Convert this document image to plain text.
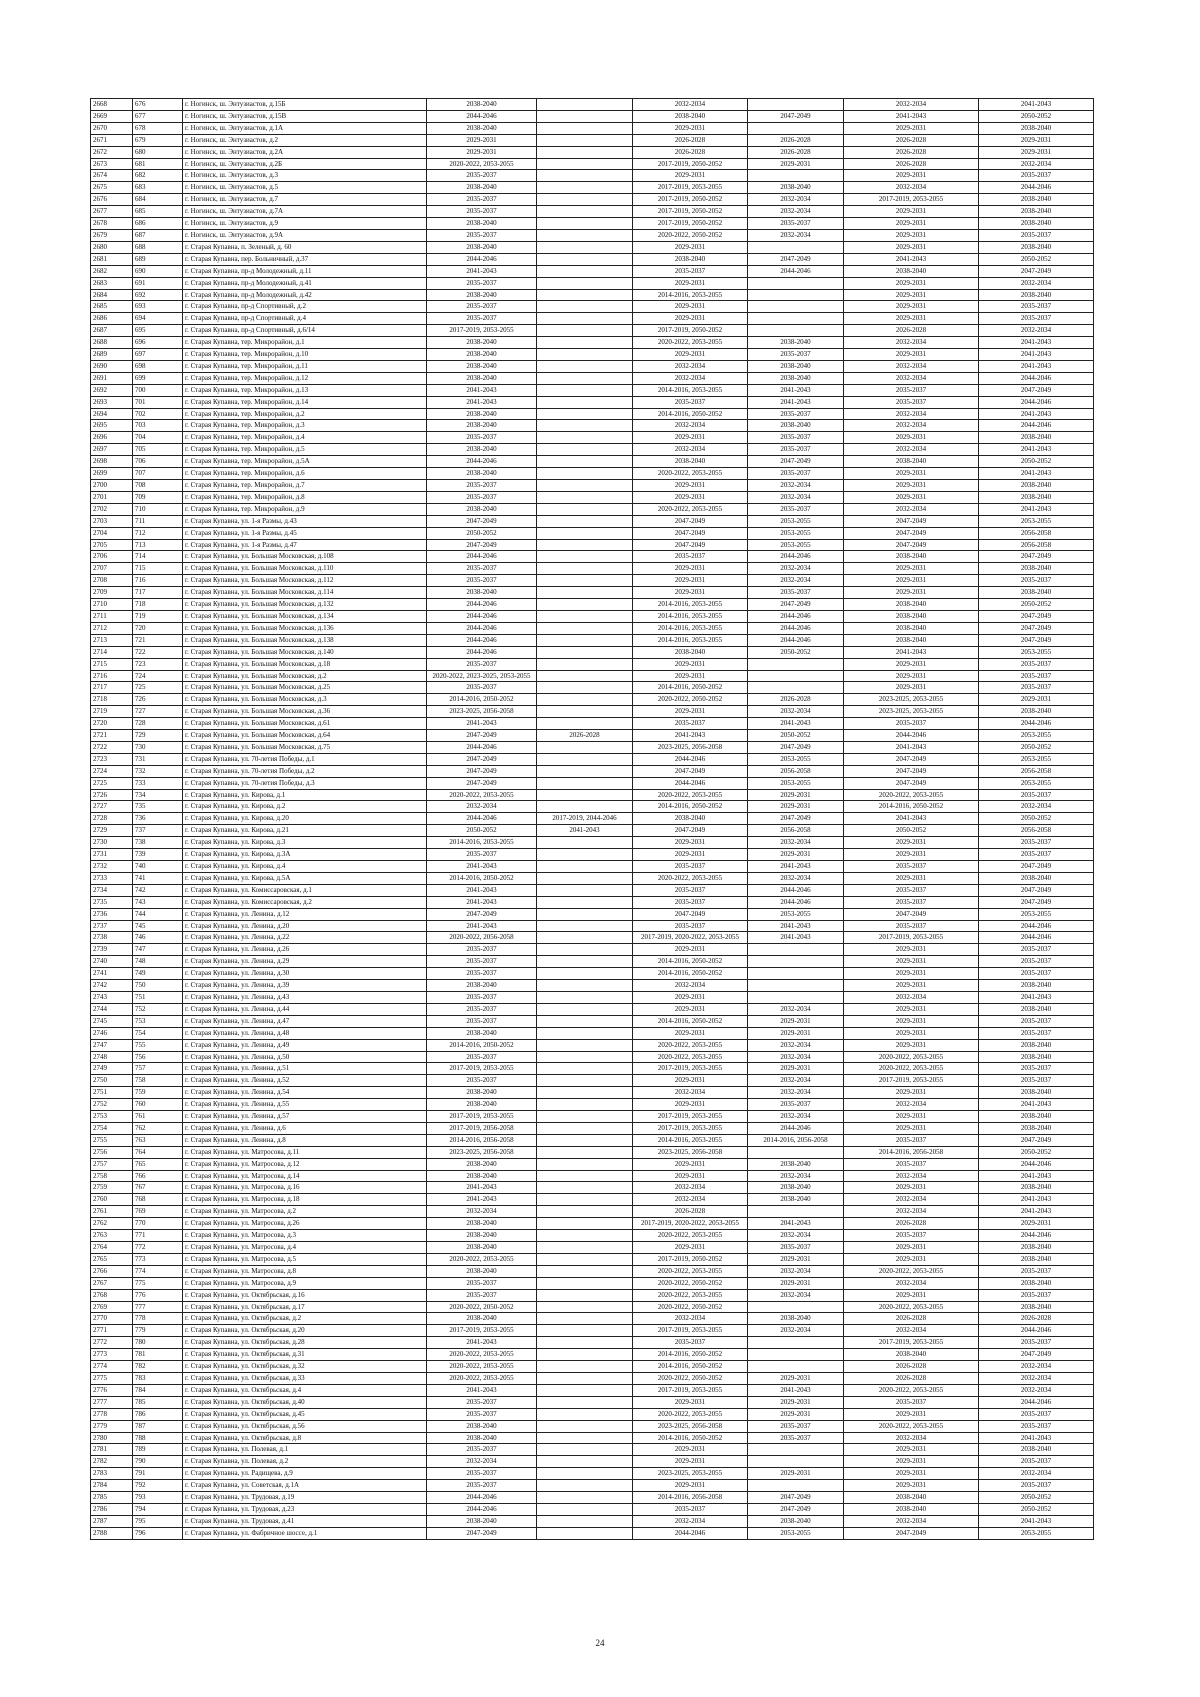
2668	676	г. Ногинск, ш. Энтузиастов, д.15Б	2038-2040		2032-2034		2032-2034	2041-2043
2669	677	г. Ногинск, ш. Энтузиастов, д.15В	2044-2046		2038-2040	2047-2049	2041-2043	2050-2052
2670	678	г. Ногинск, ш. Энтузиастов, д.1А	2038-2040		2029-2031		2029-2031	2038-2040
2671	679	г. Ногинск, ш. Энтузиастов, д.2	2029-2031		2026-2028	2026-2028	2026-2028	2029-2031
2672	680	г. Ногинск, ш. Энтузиастов, д.2А	2029-2031		2026-2028	2026-2028	2026-2028	2029-2031
2673	681	г. Ногинск, ш. Энтузиастов, д.2Б	2020-2022, 2053-2055		2017-2019, 2050-2052	2029-2031	2026-2028	2032-2034
2674	682	г. Ногинск, ш. Энтузиастов, д.3	2035-2037		2029-2031		2029-2031	2035-2037
2675	683	г. Ногинск, ш. Энтузиастов, д.5	2038-2040		2017-2019, 2053-2055	2038-2040	2032-2034	2044-2046
2676	684	г. Ногинск, ш. Энтузиастов, д.7	2035-2037		2017-2019, 2050-2052	2032-2034	2017-2019, 2053-2055	2038-2040
2677	685	г. Ногинск, ш. Энтузиастов, д.7А	2035-2037		2017-2019, 2050-2052	2032-2034	2029-2031	2038-2040
2678	686	г. Ногинск, ш. Энтузиастов, д.9	2038-2040		2017-2019, 2050-2052	2035-2037	2029-2031	2038-2040
2679	687	г. Ногинск, ш. Энтузиастов, д.9А	2035-2037		2020-2022, 2050-2052	2032-2034	2029-2031	2035-2037
2680	688	г. Старая Купавна, п. Зеленый, д. 60	2038-2040		2029-2031		2029-2031	2038-2040
2681	689	г. Старая Купавна, пер. Больничный, д.37	2044-2046		2038-2040	2047-2049	2041-2043	2050-2052
2682	690	г. Старая Купавна, пр-д Молодежный, д.11	2041-2043		2035-2037	2044-2046	2038-2040	2047-2049
2683	691	г. Старая Купавна, пр-д Молодежный, д.41	2035-2037		2029-2031		2029-2031	2032-2034
2684	692	г. Старая Купавна, пр-д Молодежный, д.42	2038-2040		2014-2016, 2053-2055		2029-2031	2038-2040
2685	693	г. Старая Купавна, пр-д Спортивный, д.2	2035-2037		2029-2031		2029-2031	2035-2037
2686	694	г. Старая Купавна, пр-д Спортивный, д.4	2035-2037		2029-2031		2029-2031	2035-2037
2687	695	г. Старая Купавна, пр-д Спортивный, д.6/14	2017-2019, 2053-2055		2017-2019, 2050-2052		2026-2028	2032-2034
2688	696	г. Старая Купавна, тер. Микрорайон, д.1	2038-2040		2020-2022, 2053-2055	2038-2040	2032-2034	2041-2043
2689	697	г. Старая Купавна, тер. Микрорайон, д.10	2038-2040		2029-2031	2035-2037	2029-2031	2041-2043
2690	698	г. Старая Купавна, тер. Микрорайон, д.11	2038-2040		2032-2034	2038-2040	2032-2034	2041-2043
2691	699	г. Старая Купавна, тер. Микрорайон, д.12	2038-2040		2032-2034	2038-2040	2032-2034	2044-2046
2692	700	г. Старая Купавна, тер. Микрорайон, д.13	2041-2043		2014-2016, 2053-2055	2041-2043	2035-2037	2047-2049
2693	701	г. Старая Купавна, тер. Микрорайон, д.14	2041-2043		2035-2037	2041-2043	2035-2037	2044-2046
2694	702	г. Старая Купавна, тер. Микрорайон, д.2	2038-2040		2014-2016, 2050-2052	2035-2037	2032-2034	2041-2043
2695	703	г. Старая Купавна, тер. Микрорайон, д.3	2038-2040		2032-2034	2038-2040	2032-2034	2044-2046
2696	704	г. Старая Купавна, тер. Микрорайон, д.4	2035-2037		2029-2031	2035-2037	2029-2031	2038-2040
2697	705	г. Старая Купавна, тер. Микрорайон, д.5	2038-2040		2032-2034	2035-2037	2032-2034	2041-2043
2698	706	г. Старая Купавна, тер. Микрорайон, д.5А	2044-2046		2038-2040	2047-2049	2038-2040	2050-2052
2699	707	г. Старая Купавна, тер. Микрорайон, д.6	2038-2040		2020-2022, 2053-2055	2035-2037	2029-2031	2041-2043
2700	708	г. Старая Купавна, тер. Микрорайон, д.7	2035-2037		2029-2031	2032-2034	2029-2031	2038-2040
2701	709	г. Старая Купавна, тер. Микрорайон, д.8	2035-2037		2029-2031	2032-2034	2029-2031	2038-2040
2702	710	г. Старая Купавна, тер. Микрорайон, д.9	2038-2040		2020-2022, 2053-2055	2035-2037	2032-2034	2041-2043
2703	711	г. Старая Купавна, ул. 1-я Размы, д.43	2047-2049		2047-2049	2053-2055	2047-2049	2053-2055
2704	712	г. Старая Купавна, ул. 1-я Размы, д.45	2050-2052		2047-2049	2053-2055	2047-2049	2056-2058
2705	713	г. Старая Купавна, ул. 1-я Размы, д.47	2047-2049		2047-2049	2053-2055	2047-2049	2056-2058
2706	714	г. Старая Купавна, ул. Большая Московская, д.108	2044-2046		2035-2037	2044-2046	2038-2040	2047-2049
2707	715	г. Старая Купавна, ул. Большая Московская, д.110	2035-2037		2029-2031	2032-2034	2029-2031	2038-2040
2708	716	г. Старая Купавна, ул. Большая Московская, д.112	2035-2037		2029-2031	2032-2034	2029-2031	2035-2037
2709	717	г. Старая Купавна, ул. Большая Московская, д.114	2038-2040		2029-2031	2035-2037	2029-2031	2038-2040
2710	718	г. Старая Купавна, ул. Большая Московская, д.132	2044-2046		2014-2016, 2053-2055	2047-2049	2038-2040	2050-2052
2711	719	г. Старая Купавна, ул. Большая Московская, д.134	2044-2046		2014-2016, 2053-2055	2044-2046	2038-2040	2047-2049
2712	720	г. Старая Купавна, ул. Большая Московская, д.136	2044-2046		2014-2016, 2053-2055	2044-2046	2038-2040	2047-2049
2713	721	г. Старая Купавна, ул. Большая Московская, д.138	2044-2046		2014-2016, 2053-2055	2044-2046	2038-2040	2047-2049
2714	722	г. Старая Купавна, ул. Большая Московская, д.140	2044-2046		2038-2040	2050-2052	2041-2043	2053-2055
2715	723	г. Старая Купавна, ул. Большая Московская, д.18	2035-2037		2029-2031		2029-2031	2035-2037
2716	724	г. Старая Купавна, ул. Большая Московская, д.2	2020-2022, 2023-2025, 2053-2055		2029-2031		2029-2031	2035-2037
2717	725	г. Старая Купавна, ул. Большая Московская, д.25	2035-2037		2014-2016, 2050-2052		2029-2031	2035-2037
2718	726	г. Старая Купавна, ул. Большая Московская, д.3	2014-2016, 2050-2052		2020-2022, 2050-2052	2026-2028	2023-2025, 2053-2055	2029-2031
2719	727	г. Старая Купавна, ул. Большая Московская, д.36	2023-2025, 2056-2058		2029-2031	2032-2034	2023-2025, 2053-2055	2038-2040
2720	728	г. Старая Купавна, ул. Большая Московская, д.61	2041-2043		2035-2037	2041-2043	2035-2037	2044-2046
2721	729	г. Старая Купавна, ул. Большая Московская, д.64	2047-2049	2026-2028	2041-2043	2050-2052	2044-2046	2053-2055
2722	730	г. Старая Купавна, ул. Большая Московская, д.75	2044-2046		2023-2025, 2056-2058	2047-2049	2041-2043	2050-2052
2723	731	г. Старая Купавна, ул. 70-летия Победы, д.1	2047-2049		2044-2046	2053-2055	2047-2049	2053-2055
2724	732	г. Старая Купавна, ул. 70-летия Победы, д.2	2047-2049		2047-2049	2056-2058	2047-2049	2056-2058
2725	733	г. Старая Купавна, ул. 70-летия Победы, д.3	2047-2049		2044-2046	2053-2055	2047-2049	2053-2055
2726	734	г. Старая Купавна, ул. Кирова, д.1	2020-2022, 2053-2055		2020-2022, 2053-2055	2029-2031	2020-2022, 2053-2055	2035-2037
2727	735	г. Старая Купавна, ул. Кирова, д.2	2032-2034		2014-2016, 2050-2052	2029-2031	2014-2016, 2050-2052	2032-2034
2728	736	г. Старая Купавна, ул. Кирова, д.20	2044-2046	2017-2019, 2044-2046	2038-2040	2047-2049	2041-2043	2050-2052
2729	737	г. Старая Купавна, ул. Кирова, д.21	2050-2052	2041-2043	2047-2049	2056-2058	2050-2052	2056-2058
2730	738	г. Старая Купавна, ул. Кирова, д.3	2014-2016, 2053-2055		2029-2031	2032-2034	2029-2031	2035-2037
2731	739	г. Старая Купавна, ул. Кирова, д.3А	2035-2037		2029-2031	2029-2031	2029-2031	2035-2037
2732	740	г. Старая Купавна, ул. Кирова, д.4	2041-2043		2035-2037	2041-2043	2035-2037	2047-2049
2733	741	г. Старая Купавна, ул. Кирова, д.5А	2014-2016, 2050-2052		2020-2022, 2053-2055	2032-2034	2029-2031	2038-2040
2734	742	г. Старая Купавна, ул. Комиссаровская, д.1	2041-2043		2035-2037	2044-2046	2035-2037	2047-2049
2735	743	г. Старая Купавна, ул. Комиссаровская, д.2	2041-2043		2035-2037	2044-2046	2035-2037	2047-2049
2736	744	г. Старая Купавна, ул. Ленина, д.12	2047-2049		2047-2049	2053-2055	2047-2049	2053-2055
2737	745	г. Старая Купавна, ул. Ленина, д.20	2041-2043		2035-2037	2041-2043	2035-2037	2044-2046
2738	746	г. Старая Купавна, ул. Ленина, д.22	2020-2022, 2056-2058		2017-2019, 2020-2022, 2053-2055	2041-2043	2017-2019, 2053-2055	2044-2046
2739	747	г. Старая Купавна, ул. Ленина, д.26	2035-2037		2029-2031		2029-2031	2035-2037
2740	748	г. Старая Купавна, ул. Ленина, д.29	2035-2037		2014-2016, 2050-2052		2029-2031	2035-2037
2741	749	г. Старая Купавна, ул. Ленина, д.30	2035-2037		2014-2016, 2050-2052		2029-2031	2035-2037
2742	750	г. Старая Купавна, ул. Ленина, д.39	2038-2040		2032-2034		2029-2031	2038-2040
2743	751	г. Старая Купавна, ул. Ленина, д.43	2035-2037		2029-2031		2032-2034	2041-2043
2744	752	г. Старая Купавна, ул. Ленина, д.44	2035-2037		2029-2031	2032-2034	2029-2031	2038-2040
2745	753	г. Старая Купавна, ул. Ленина, д.47	2035-2037		2014-2016, 2050-2052	2029-2031	2029-2031	2035-2037
2746	754	г. Старая Купавна, ул. Ленина, д.48	2038-2040		2029-2031	2029-2031	2029-2031	2035-2037
2747	755	г. Старая Купавна, ул. Ленина, д.49	2014-2016, 2050-2052		2020-2022, 2053-2055	2032-2034	2029-2031	2038-2040
2748	756	г. Старая Купавна, ул. Ленина, д.50	2035-2037		2020-2022, 2053-2055	2032-2034	2020-2022, 2053-2055	2038-2040
2749	757	г. Старая Купавна, ул. Ленина, д.51	2017-2019, 2053-2055		2017-2019, 2053-2055	2029-2031	2020-2022, 2053-2055	2035-2037
2750	758	г. Старая Купавна, ул. Ленина, д.52	2035-2037		2029-2031	2032-2034	2017-2019, 2053-2055	2035-2037
2751	759	г. Старая Купавна, ул. Ленина, д.54	2038-2040		2032-2034	2032-2034	2029-2031	2038-2040
2752	760	г. Старая Купавна, ул. Ленина, д.55	2038-2040		2029-2031	2035-2037	2032-2034	2041-2043
2753	761	г. Старая Купавна, ул. Ленина, д.57	2017-2019, 2053-2055		2017-2019, 2053-2055	2032-2034	2029-2031	2038-2040
2754	762	г. Старая Купавна, ул. Ленина, д.6	2017-2019, 2056-2058		2017-2019, 2053-2055	2044-2046	2029-2031	2038-2040
2755	763	г. Старая Купавна, ул. Ленина, д.8	2014-2016, 2056-2058		2014-2016, 2053-2055	2014-2016, 2056-2058	2035-2037	2047-2049
2756	764	г. Старая Купавна, ул. Матросова, д.11	2023-2025, 2056-2058		2023-2025, 2056-2058		2014-2016, 2056-2058	2050-2052
2757	765	г. Старая Купавна, ул. Матросова, д.12	2038-2040		2029-2031	2038-2040	2035-2037	2044-2046
2758	766	г. Старая Купавна, ул. Матросова, д.14	2038-2040		2029-2031	2032-2034	2032-2034	2041-2043
2759	767	г. Старая Купавна, ул. Матросова, д.16	2041-2043		2032-2034	2038-2040	2029-2031	2038-2040
2760	768	г. Старая Купавна, ул. Матросова, д.18	2041-2043		2032-2034	2038-2040	2032-2034	2041-2043
2761	769	г. Старая Купавна, ул. Матросова, д.2	2032-2034		2026-2028		2032-2034	2041-2043
2762	770	г. Старая Купавна, ул. Матросова, д.26	2038-2040		2017-2019, 2020-2022, 2053-2055	2041-2043	2026-2028	2029-2031
2763	771	г. Старая Купавна, ул. Матросова, д.3	2038-2040		2020-2022, 2053-2055	2032-2034	2035-2037	2044-2046
2764	772	г. Старая Купавна, ул. Матросова, д.4	2038-2040		2029-2031	2035-2037	2029-2031	2038-2040
2765	773	г. Старая Купавна, ул. Матросова, д.5	2020-2022, 2053-2055		2017-2019, 2050-2052	2029-2031	2029-2031	2038-2040
2766	774	г. Старая Купавна, ул. Матросова, д.8	2038-2040		2020-2022, 2053-2055	2032-2034	2020-2022, 2053-2055	2035-2037
2767	775	г. Старая Купавна, ул. Матросова, д.9	2035-2037		2020-2022, 2050-2052	2029-2031	2032-2034	2038-2040
2768	776	г. Старая Купавна, ул. Октябрьская, д.16	2035-2037		2020-2022, 2053-2055	2032-2034	2029-2031	2035-2037
2769	777	г. Старая Купавна, ул. Октябрьская, д.17	2020-2022, 2050-2052		2020-2022, 2050-2052		2020-2022, 2053-2055	2038-2040
2770	778	г. Старая Купавна, ул. Октябрьская, д.2	2038-2040		2032-2034	2038-2040	2026-2028	2026-2028
2771	779	г. Старая Купавна, ул. Октябрьская, д.20	2017-2019, 2053-2055		2017-2019, 2053-2055	2032-2034	2032-2034	2044-2046
2772	780	г. Старая Купавна, ул. Октябрьская, д.28	2041-2043		2035-2037		2017-2019, 2053-2055	2035-2037
2773	781	г. Старая Купавна, ул. Октябрьская, д.31	2020-2022, 2053-2055		2014-2016, 2050-2052		2038-2040	2047-2049
2774	782	г. Старая Купавна, ул. Октябрьская, д.32	2020-2022, 2053-2055		2014-2016, 2050-2052		2026-2028	2032-2034
2775	783	г. Старая Купавна, ул. Октябрьская, д.33	2020-2022, 2053-2055		2020-2022, 2050-2052	2029-2031	2026-2028	2032-2034
2776	784	г. Старая Купавна, ул. Октябрьская, д.4	2041-2043		2017-2019, 2053-2055	2041-2043	2020-2022, 2053-2055	2032-2034
2777	785	г. Старая Купавна, ул. Октябрьская, д.40	2035-2037		2029-2031	2029-2031	2035-2037	2044-2046
2778	786	г. Старая Купавна, ул. Октябрьская, д.45	2035-2037		2020-2022, 2053-2055	2029-2031	2029-2031	2035-2037
2779	787	г. Старая Купавна, ул. Октябрьская, д.56	2038-2040		2023-2025, 2056-2058	2035-2037	2020-2022, 2053-2055	2035-2037
2780	788	г. Старая Купавна, ул. Октябрьская, д.8	2038-2040		2014-2016, 2050-2052	2035-2037	2032-2034	2041-2043
2781	789	г. Старая Купавна, ул. Полевая, д.1	2035-2037		2029-2031		2029-2031	2038-2040
2782	790	г. Старая Купавна, ул. Полевая, д.2	2032-2034		2029-2031		2029-2031	2035-2037
2783	791	г. Старая Купавна, ул. Радищева, д.9	2035-2037		2023-2025, 2053-2055	2029-2031	2029-2031	2032-2034
2784	792	г. Старая Купавна, ул. Советская, д.1А	2035-2037		2029-2031		2029-2031	2035-2037
2785	793	г. Старая Купавна, ул. Трудовая, д.19	2044-2046		2014-2016, 2056-2058	2047-2049	2038-2040	2050-2052
2786	794	г. Старая Купавна, ул. Трудовая, д.23	2044-2046		2035-2037	2047-2049	2038-2040	2050-2052
2787	795	г. Старая Купавна, ул. Трудовая, д.41	2038-2040		2032-2034	2038-2040	2032-2034	2041-2043
2788	796	г. Старая Купавна, ул. Фабричное шоссе, д.1	2047-2049		2044-2046	2053-2055	2047-2049	2053-2055
24
